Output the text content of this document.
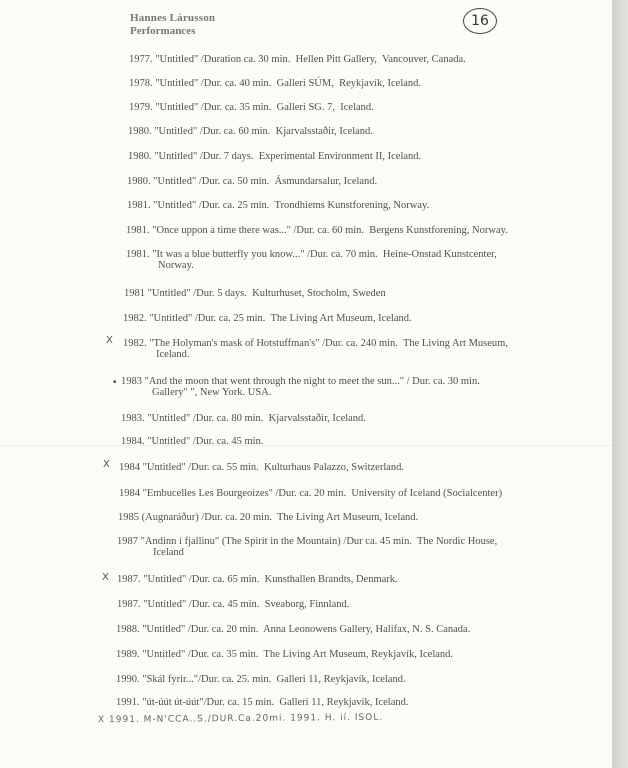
Hannes Lárusson
Performances
16
1977. "Untitled" /Duration ca. 30 min.  Hellen Pitt Gallery,  Vancouver, Canada.
1978. "Untitled" /Dur. ca. 40 min.  Galleri SÚM,  Reykjavík, Iceland.
1979. "Untitled" /Dur. ca. 35 min.  Galleri SG. 7,  Iceland.
1980. "Untitled" /Dur. ca. 60 min.  Kjarvalsstaðir, Iceland.
1980. "Untitled" /Dur. 7 days.  Experimental Environment II, Iceland.
1980. "Untitled" /Dur. ca. 50 min.  Ásmundarsalur, Iceland.
1981. "Untitled" /Dur. ca. 25 min.  Trondhiems Kunstforening, Norway.
1981. "Once uppon a time there was..." /Dur. ca. 60 min.  Bergens Kunstforening, Norway.
1981. "It was a blue butterfly you know..." /Dur. ca. 70 min.  Heine-Onstad Kunstcenter,
Norway.
1981 "Untitled" /Dur. 5 days.  Kulturhuset, Stocholm, Sweden
1982. "Untitled" /Dur. ca. 25 min.  The Living Art Museum, Iceland.
1982. "The Holyman's mask of Hotstuffman's" /Dur. ca. 240 min.  The Living Art Museum,
Iceland.
1983 "And the moon that went through the night to meet the sun..." / Dur. ca. 30 min.
Gallery" ", New York. USA.
1983. "Untitled" /Dur. ca. 80 min.  Kjarvalsstaðir, Iceland.
1984. "Untitled" /Dur. ca. 45 min.
1984 "Untitled" /Dur. ca. 55 min.  Kulturhaus Palazzo, Switzerland.
1984 "Embucelles Les Bourgeoizes" /Dur. ca. 20 min.  University of Iceland (Socialcenter)
1985 (Augnaráður) /Dur. ca. 20 min.  The Living Art Museum, Iceland.
1987 "Andinn í fjallinu" (The Spirit in the Mountain) /Dur ca. 45 min.  The Nordic House,
Iceland
1987. "Untitled" /Dur. ca. 65 min.  Kunsthallen Brandts, Denmark.
1987. "Untitled" /Dur. ca. 45 min.  Sveaborg, Finnland.
1988. "Untitled" /Dur. ca. 20 min.  Anna Leonowens Gallery, Halifax, N. S. Canada.
1989. "Untitled" /Dur. ca. 35 min.  The Living Art Museum, Reykjavík, Iceland.
1990. "Skál fyrir..."/Dur. ca. 25. min.  Galleri 11, Reykjavík, Iceland.
1991. "út-úút út-úút"/Dur. ca. 15 min.  Galleri 11, Reykjavík, Iceland.
X
.
X
X
X 1991. M-N'CCA..S./DUR.Ca.20mi. 1991. H. ií. ISOL.
